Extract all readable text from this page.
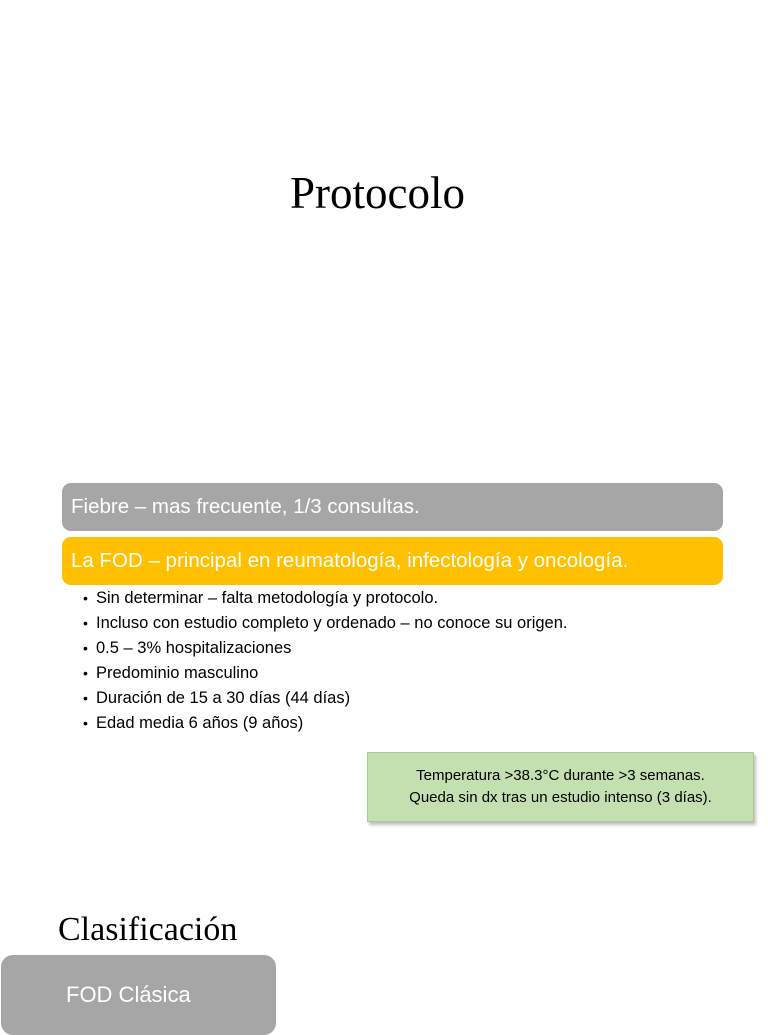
Protocolo
Fiebre – mas frecuente, 1/3 consultas.
La FOD – principal en reumatología, infectología y oncología.
• Sin determinar – falta metodología y protocolo.
• Incluso con estudio completo y ordenado – no conoce su origen.
• 0.5 – 3% hospitalizaciones
• Predominio masculino
• Duración de 15 a 30 días (44 días)
• Edad media 6 años (9 años)
Temperatura >38.3°C durante >3 semanas.
Queda sin dx tras un estudio intenso (3 días).
Clasificación
FOD Clásica
